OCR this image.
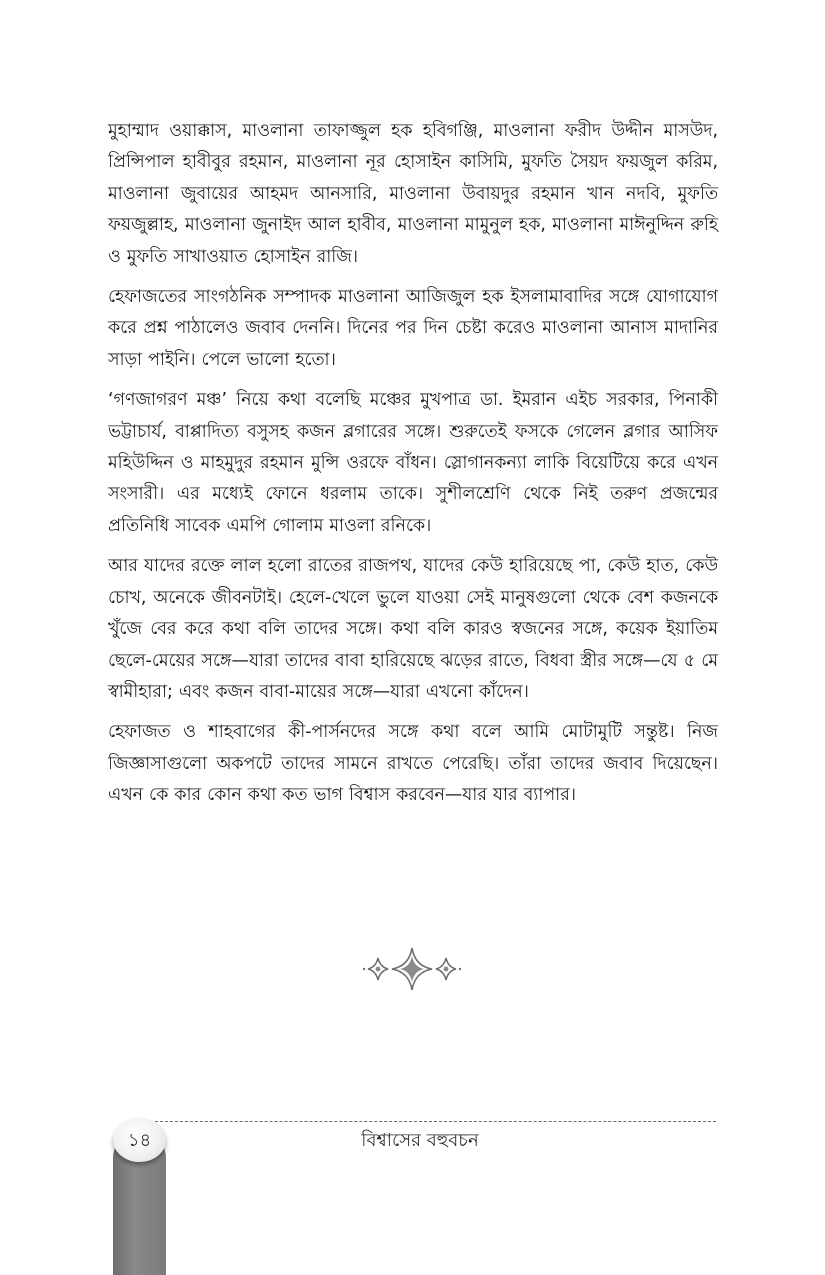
মুহাম্মাদ ওয়াক্কাস, মাওলানা তাফাজ্জুল হক হবিগঞ্জি, মাওলানা ফরীদ উদ্দীন মাসউদ, প্রিন্সিপাল হাবীবুর রহমান, মাওলানা নূর হোসাইন কাসিমি, মুফতি সৈয়দ ফয়জুল করিম, মাওলানা জুবায়ের আহমদ আনসারি, মাওলানা উবায়দুর রহমান খান নদবি, মুফতি ফয়জুল্লাহ, মাওলানা জুনাইদ আল হাবীব, মাওলানা মামুনুল হক, মাওলানা মাঈনুদ্দিন রুহি ও মুফতি সাখাওয়াত হোসাইন রাজি।

হেফাজতের সাংগঠনিক সম্পাদক মাওলানা আজিজুল হক ইসলামাবাদির সঙ্গে যোগাযোগ করে প্রশ্ন পাঠালেও জবাব দেননি। দিনের পর দিন চেষ্টা করেও মাওলানা আনাস মাদানির সাড়া পাইনি। পেলে ভালো হতো।

‘গণজাগরণ মঞ্চ’ নিয়ে কথা বলেছি মঞ্চের মুখপাত্র ডা. ইমরান এইচ সরকার, পিনাকী ভট্টাচার্য, বাপ্পাদিত্য বসুসহ কজন ব্লগারের সঙ্গে। শুরুতেই ফসকে গেলেন ব্লগার আসিফ মহিউদ্দিন ও মাহমুদুর রহমান মুন্সি ওরফে বাঁধন। স্লোগানকন্যা লাকি বিয়েটিয়ে করে এখন সংসারী। এর মধ্যেই ফোনে ধরলাম তাকে। সুশীলশ্রেণি থেকে নিই তরুণ প্রজন্মের প্রতিনিধি সাবেক এমপি গোলাম মাওলা রনিকে।

আর যাদের রক্তে লাল হলো রাতের রাজপথ, যাদের কেউ হারিয়েছে পা, কেউ হাত, কেউ চোখ, অনেকে জীবনটাই। হেলে-খেলে ভুলে যাওয়া সেই মানুষগুলো থেকে বেশ কজনকে খুঁজে বের করে কথা বলি তাদের সঙ্গে। কথা বলি কারও স্বজনের সঙ্গে, কয়েক ইয়াতিম ছেলে-মেয়ের সঙ্গে—যারা তাদের বাবা হারিয়েছে ঝড়ের রাতে, বিধবা স্ত্রীর সঙ্গে—যে ৫ মে স্বামীহারা; এবং কজন বাবা-মায়ের সঙ্গে—যারা এখনো কাঁদেন।

হেফাজত ও শাহবাগের কী-পার্সনদের সঙ্গে কথা বলে আমি মোটামুটি সন্তুষ্ট। নিজ জিজ্ঞাসাগুলো অকপটে তাদের সামনে রাখতে পেরেছি। তাঁরা তাদের জবাব দিয়েছেন। এখন কে কার কোন কথা কত ভাগ বিশ্বাস করবেন—যার যার ব্যাপার।

১৪	বিশ্বাসের বহুবচন
